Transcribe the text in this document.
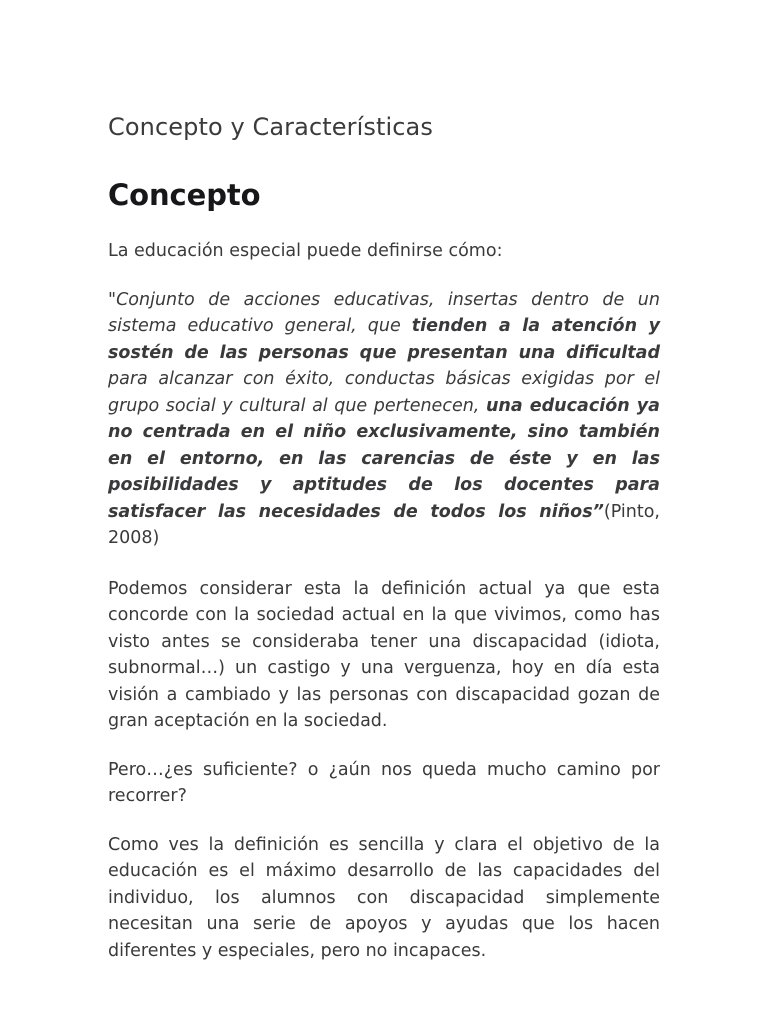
Concepto y Características
Concepto

La educación especial puede definirse cómo:

"Conjunto de acciones educativas, insertas dentro de un sistema educativo general, que tienden a la atención y sostén de las personas que presentan una dificultad para alcanzar con éxito, conductas básicas exigidas por el grupo social y cultural al que pertenecen, una educación ya no centrada en el niño exclusivamente, sino también en el entorno, en las carencias de éste y en las posibilidades y aptitudes de los docentes para satisfacer las necesidades de todos los niños”(Pinto, 2008)

Podemos considerar esta la definición actual ya que esta concorde con la sociedad actual en la que vivimos, como has visto antes se consideraba tener una discapacidad (idiota, subnormal…) un castigo y una verguenza, hoy en día esta visión a cambiado y las personas con discapacidad gozan de gran aceptación en la sociedad.

Pero…¿es suficiente? o ¿aún nos queda mucho camino por recorrer?

Como ves la definición es sencilla y clara el objetivo de la educación es el máximo desarrollo de las capacidades del individuo, los alumnos con discapacidad simplemente necesitan una serie de apoyos y ayudas que los hacen diferentes y especiales, pero no incapaces.
